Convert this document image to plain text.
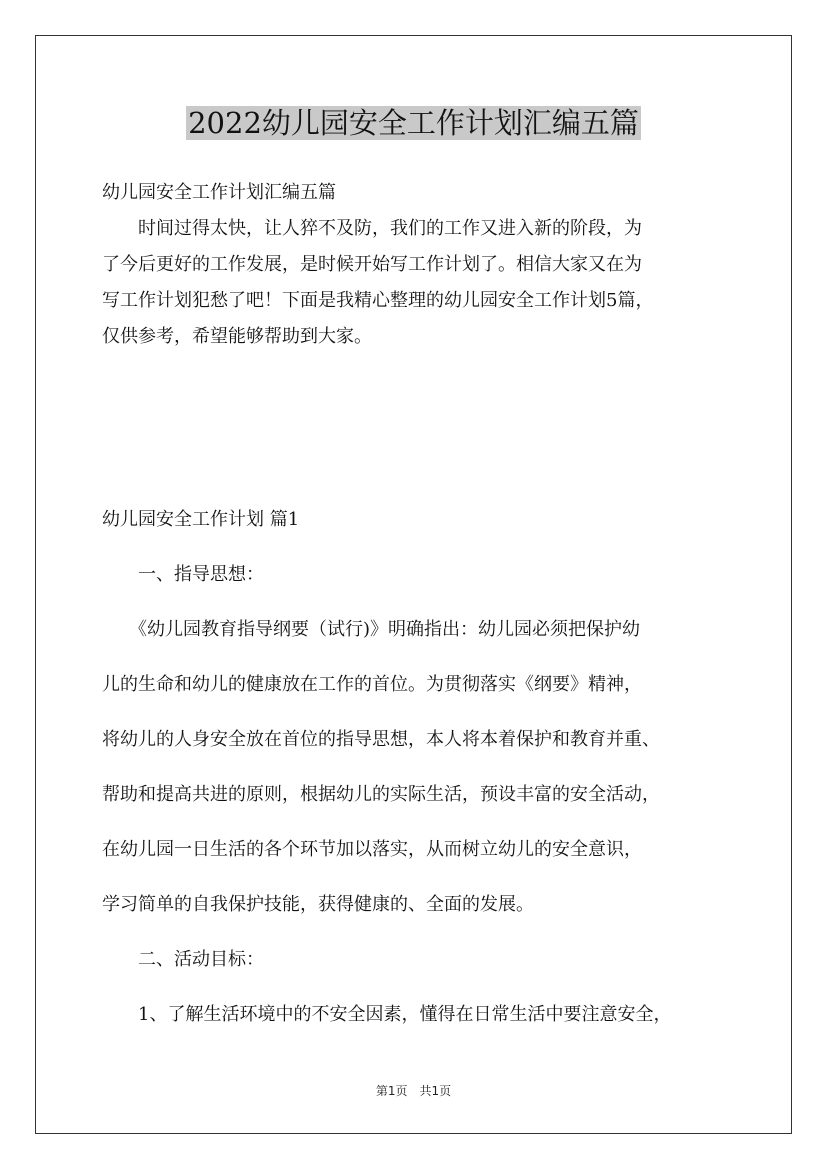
2022幼儿园安全工作计划汇编五篇
幼儿园安全工作计划汇编五篇
　　时间过得太快，让人猝不及防，我们的工作又进入新的阶段，为
了今后更好的工作发展，是时候开始写工作计划了。相信大家又在为
写工作计划犯愁了吧！下面是我精心整理的幼儿园安全工作计划5篇，
仅供参考，希望能够帮助到大家。
幼儿园安全工作计划 篇1
　　一、指导思想：
　　《幼儿园教育指导纲要（试行)》明确指出：幼儿园必须把保护幼
儿的生命和幼儿的健康放在工作的首位。为贯彻落实《纲要》精神，
将幼儿的人身安全放在首位的指导思想，本人将本着保护和教育并重、
帮助和提高共进的原则，根据幼儿的实际生活，预设丰富的安全活动，
在幼儿园一日生活的各个环节加以落实，从而树立幼儿的安全意识，
学习简单的自我保护技能，获得健康的、全面的发展。
　　二、活动目标：
　　1、了解生活环境中的不安全因素，懂得在日常生活中要注意安全，
第1页　共1页
